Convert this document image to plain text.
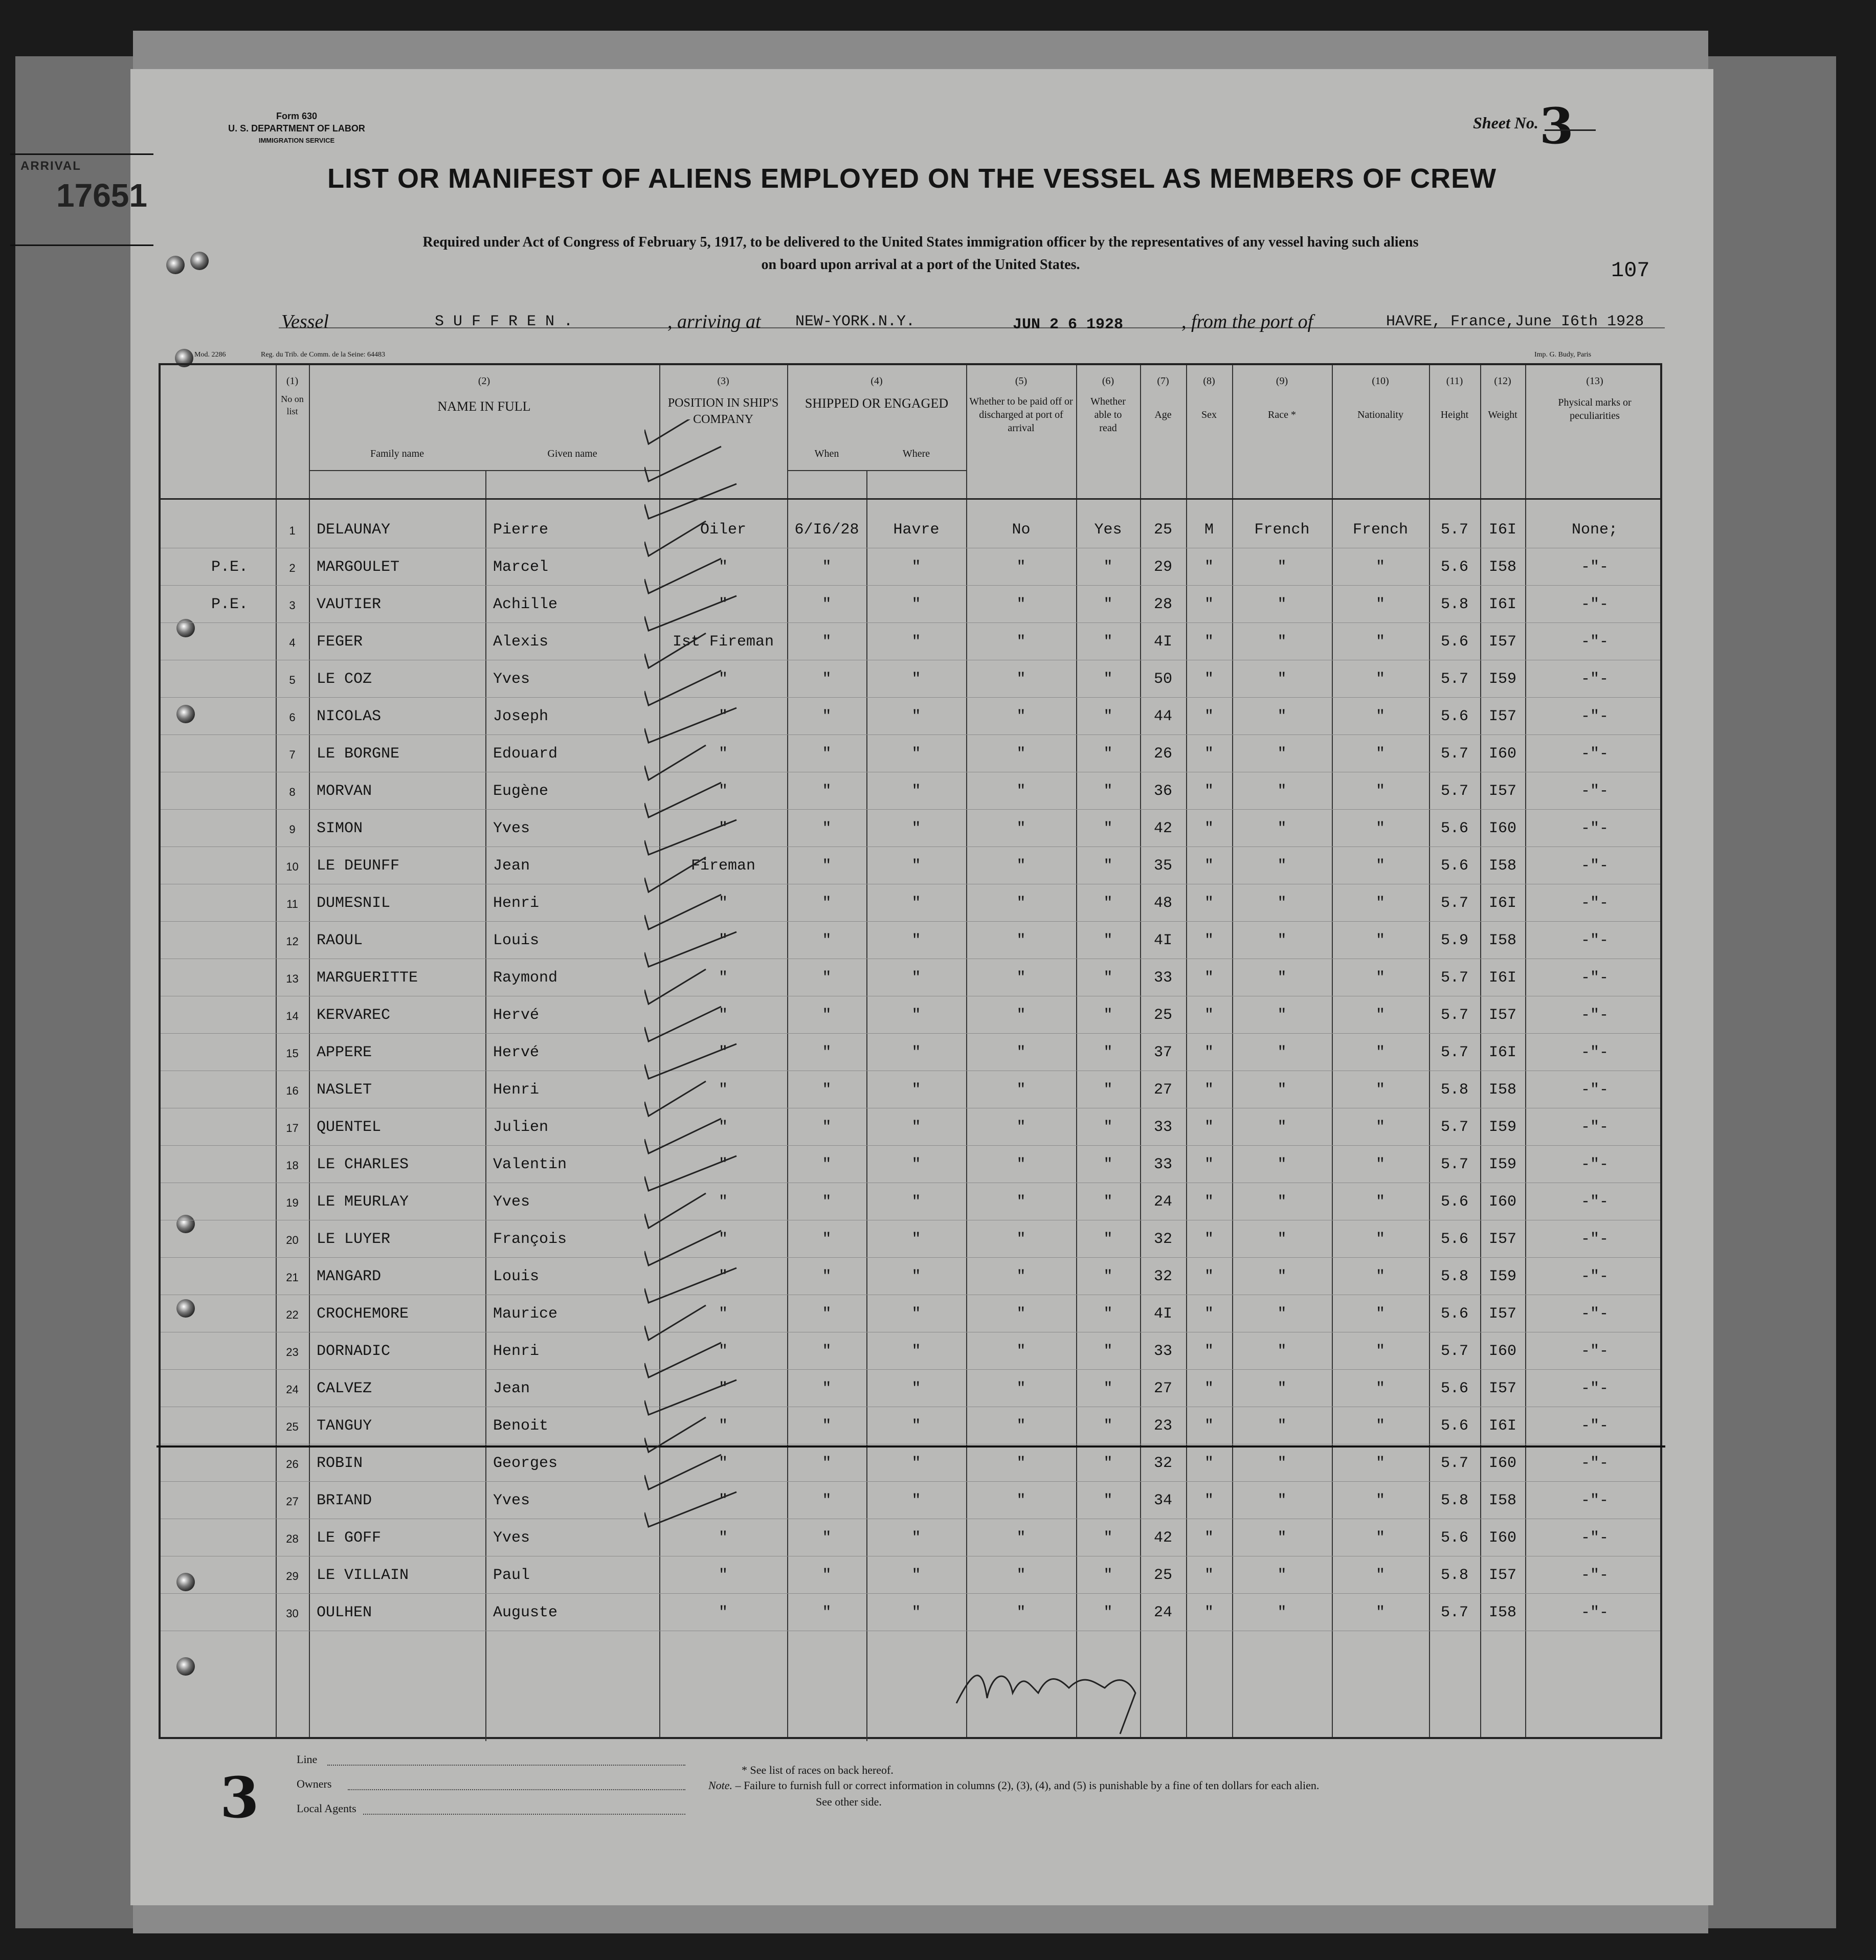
ARRIVAL
17651
Form 630
U. S. DEPARTMENT OF LABOR
IMMIGRATION SERVICE
Sheet No. 3
LIST OR MANIFEST OF ALIENS EMPLOYED ON THE VESSEL AS MEMBERS OF CREW
Required under Act of Congress of February 5, 1917, to be delivered to the United States immigration officer by the representatives of any vessel having such aliens
on board upon arrival at a port of the United States.	107
Vessel	S U F F R E N .	, arriving at NEW-YORK.N.Y.	JUN 2 6 1928	, from the port of	HAVRE, France,June I6th 1928
Mod. 2286	Reg. du Trib. de Comm. de la Seine: 64483	Imp. G. Budy, Paris
(1)
No on list
(2)
NAME IN FULL
Family name	Given name
(3)
POSITION IN SHIP'S COMPANY
(4)
SHIPPED OR ENGAGED
When	Where
(5)
Whether to be paid off or discharged at port of arrival
(6)
Whether able to read
(7)
Age
(8)
Sex
(9)
Race *
(10)
Nationality
(11)
Height
(12)
Weight
(13)
Physical marks or peculiarities
1	DELAUNAY	Pierre	Oiler	6/I6/28	Havre	No	Yes	25	M	French	French	5.7	I6I	None;
P.E.	2	MARGOULET	Marcel	"	"	"	"	"	29	"	"	"	5.6	I58	-"-
P.E.	3	VAUTIER	Achille	"	"	"	"	"	28	"	"	"	5.8	I6I	-"-
4	FEGER	Alexis	Ist Fireman	"	"	"	"	4I	"	"	"	5.6	I57	-"-
5	LE COZ	Yves	"	"	"	"	"	50	"	"	"	5.7	I59	-"-
6	NICOLAS	Joseph	"	"	"	"	"	44	"	"	"	5.6	I57	-"-
7	LE BORGNE	Edouard	"	"	"	"	"	26	"	"	"	5.7	I60	-"-
8	MORVAN	Eugène	"	"	"	"	"	36	"	"	"	5.7	I57	-"-
9	SIMON	Yves	"	"	"	"	"	42	"	"	"	5.6	I60	-"-
10	LE DEUNFF	Jean	Fireman	"	"	"	"	35	"	"	"	5.6	I58	-"-
11	DUMESNIL	Henri	"	"	"	"	"	48	"	"	"	5.7	I6I	-"-
12	RAOUL	Louis	"	"	"	"	"	4I	"	"	"	5.9	I58	-"-
13	MARGUERITTE	Raymond	"	"	"	"	"	33	"	"	"	5.7	I6I	-"-
14	KERVAREC	Hervé	"	"	"	"	"	25	"	"	"	5.7	I57	-"-
15	APPERE	Hervé	"	"	"	"	"	37	"	"	"	5.7	I6I	-"-
16	NASLET	Henri	"	"	"	"	"	27	"	"	"	5.8	I58	-"-
17	QUENTEL	Julien	"	"	"	"	"	33	"	"	"	5.7	I59	-"-
18	LE CHARLES	Valentin	"	"	"	"	"	33	"	"	"	5.7	I59	-"-
19	LE MEURLAY	Yves	"	"	"	"	"	24	"	"	"	5.6	I60	-"-
20	LE LUYER	François	"	"	"	"	"	32	"	"	"	5.6	I57	-"-
21	MANGARD	Louis	"	"	"	"	"	32	"	"	"	5.8	I59	-"-
22	CROCHEMORE	Maurice	"	"	"	"	"	4I	"	"	"	5.6	I57	-"-
23	DORNADIC	Henri	"	"	"	"	"	33	"	"	"	5.7	I60	-"-
24	CALVEZ	Jean	"	"	"	"	"	27	"	"	"	5.6	I57	-"-
25	TANGUY	Benoit	"	"	"	"	"	23	"	"	"	5.6	I6I	-"-
26	ROBIN	Georges	"	"	"	"	"	32	"	"	"	5.7	I60	-"-
27	BRIAND	Yves	"	"	"	"	"	34	"	"	"	5.8	I58	-"-
28	LE GOFF	Yves	"	"	"	"	"	42	"	"	"	5.6	I60	-"-
29	LE VILLAIN	Paul	"	"	"	"	"	25	"	"	"	5.8	I57	-"-
30	OULHEN	Auguste	"	"	"	"	"	24	"	"	"	5.7	I58	-"-
3
Line
Owners
Local Agents
* See list of races on back hereof.
Note. – Failure to furnish full or correct information in columns (2), (3), (4), and (5) is punishable by a fine of ten dollars for each alien.
See other side.
